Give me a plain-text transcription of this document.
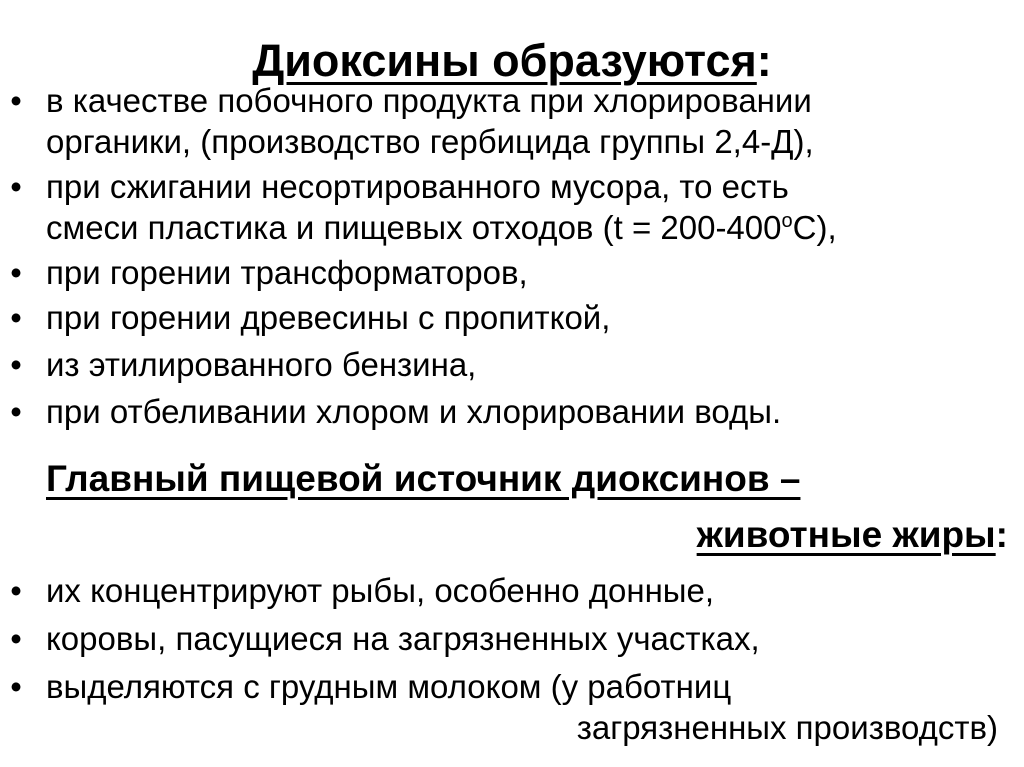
Диоксины образуются:
• в качестве побочного продукта при хлорировании
органики, (производство гербицида группы 2,4-Д),
• при сжигании несортированного мусора, то есть
смеси пластика и пищевых отходов $(t = 200-400^oС)$,
• при горении трансформаторов,
• при горении древесины с пропиткой,
• из этилированного бензина,
• при отбеливании хлором и хлорировании воды.
Главный пищевой источник диоксинов –
животные жиры:
• их концентрируют рыбы, особенно донные,
• коровы, пасущиеся на загрязненных участках,
• выделяются с грудным молоком (у работниц
загрязненных производств)
